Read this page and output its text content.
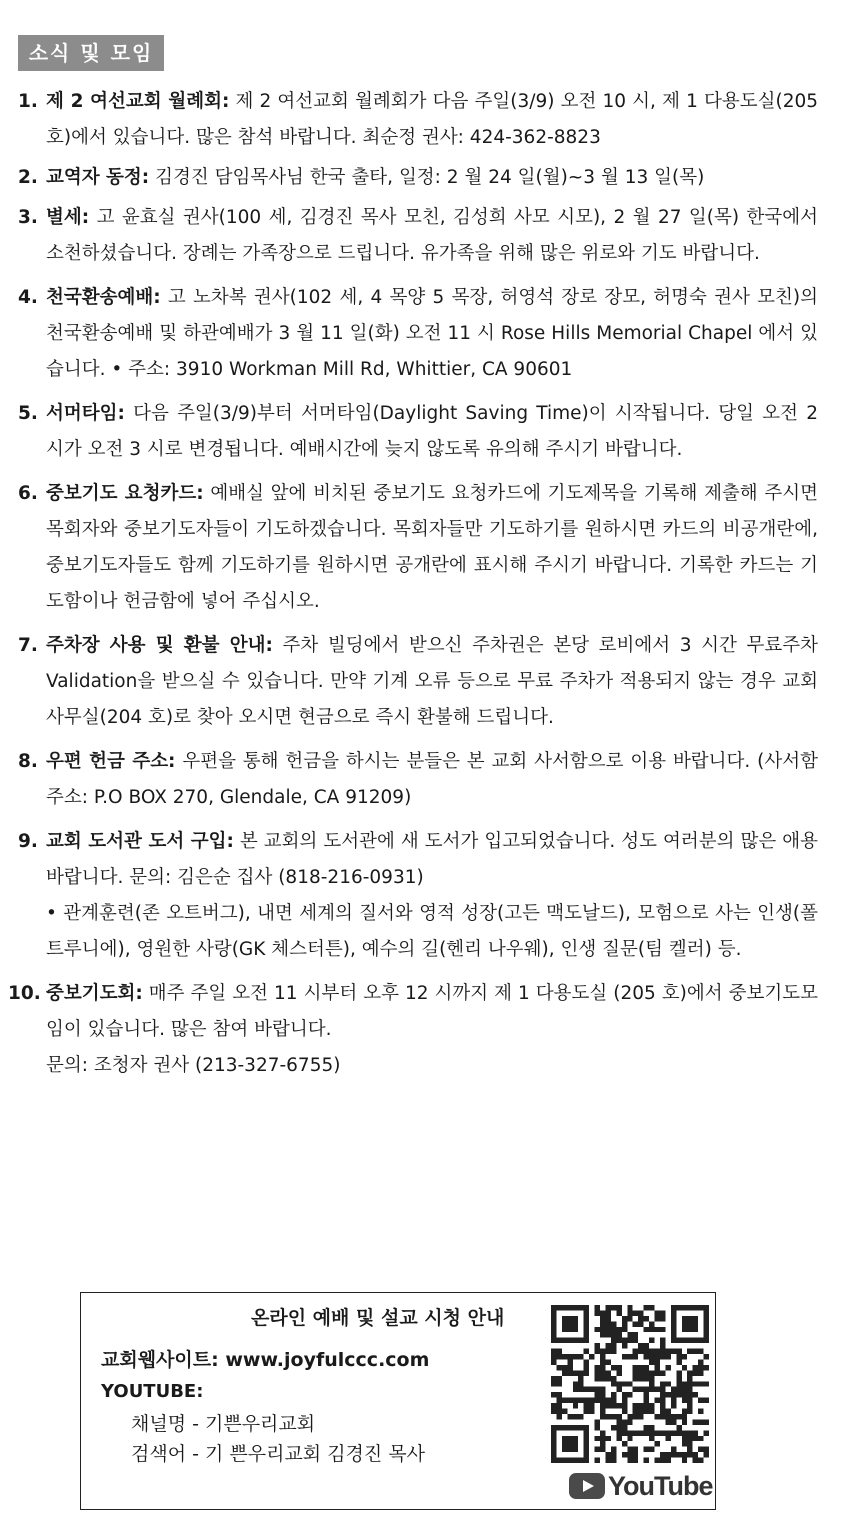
소식 및 모임
1. 제 2 여선교회 월례회: 제 2 여선교회 월례회가 다음 주일(3/9) 오전 10 시, 제 1 다용도실(205 호)에서 있습니다. 많은 참석 바랍니다. 최순정 권사: 424-362-8823
2. 교역자 동정: 김경진 담임목사님 한국 출타, 일정: 2 월 24 일(월)~3 월 13 일(목)
3. 별세: 고 윤효실 권사(100 세, 김경진 목사 모친, 김성희 사모 시모), 2 월 27 일(목) 한국에서 소천하셨습니다. 장례는 가족장으로 드립니다. 유가족을 위해 많은 위로와 기도 바랍니다.
4. 천국환송예배: 고 노차복 권사(102 세, 4 목양 5 목장, 허영석 장로 장모, 허명숙 권사 모친)의 천국환송예배 및 하관예배가 3 월 11 일(화) 오전 11 시 Rose Hills Memorial Chapel 에서 있습니다. • 주소: 3910 Workman Mill Rd, Whittier, CA 90601
5. 서머타임: 다음 주일(3/9)부터 서머타임(Daylight Saving Time)이 시작됩니다. 당일 오전 2 시가 오전 3 시로 변경됩니다. 예배시간에 늦지 않도록 유의해 주시기 바랍니다.
6. 중보기도 요청카드: 예배실 앞에 비치된 중보기도 요청카드에 기도제목을 기록해 제출해 주시면 목회자와 중보기도자들이 기도하겠습니다. 목회자들만 기도하기를 원하시면 카드의 비공개란에, 중보기도자들도 함께 기도하기를 원하시면 공개란에 표시해 주시기 바랍니다. 기록한 카드는 기도함이나 헌금함에 넣어 주십시오.
7. 주차장 사용 및 환불 안내: 주차 빌딩에서 받으신 주차권은 본당 로비에서 3 시간 무료주차 Validation을 받으실 수 있습니다. 만약 기계 오류 등으로 무료 주차가 적용되지 않는 경우 교회 사무실(204 호)로 찾아 오시면 현금으로 즉시 환불해 드립니다.
8. 우편 헌금 주소: 우편을 통해 헌금을 하시는 분들은 본 교회 사서함으로 이용 바랍니다. (사서함 주소: P.O BOX 270, Glendale, CA 91209)
9. 교회 도서관 도서 구입: 본 교회의 도서관에 새 도서가 입고되었습니다. 성도 여러분의 많은 애용 바랍니다. 문의: 김은순 집사 (818-216-0931)
• 관계훈련(존 오트버그), 내면 세계의 질서와 영적 성장(고든 맥도날드), 모험으로 사는 인생(폴 트루니에), 영원한 사랑(GK 체스터튼), 예수의 길(헨리 나우웨), 인생 질문(팀 켈러) 등.
10. 중보기도회: 매주 주일 오전 11 시부터 오후 12 시까지 제 1 다용도실 (205 호)에서 중보기도모임이 있습니다. 많은 참여 바랍니다.
문의: 조청자 권사 (213-327-6755)
온라인 예배 및 설교 시청 안내
교회웹사이트: www.joyfulccc.com
YOUTUBE:
채널명 - 기쁜우리교회
검색어 - 기 쁜우리교회 김경진 목사
YouTube
